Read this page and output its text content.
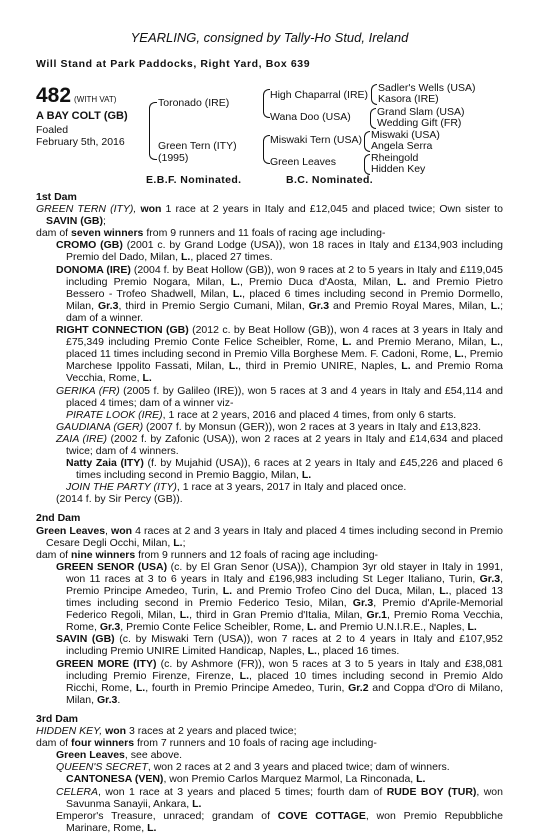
YEARLING, consigned by Tally-Ho Stud, Ireland
Will Stand at Park Paddocks, Right Yard, Box 639
482 (WITH VAT)
A BAY COLT (GB)
Foaled
February 5th, 2016
Toronado (IRE)
Green Tern (ITY)
(1995)
High Chaparral (IRE)
Wana Doo (USA)
Miswaki Tern (USA)
Green Leaves
Sadler's Wells (USA)
Kasora (IRE)
Grand Slam (USA)
Wedding Gift (FR)
Miswaki (USA)
Angela Serra
Rheingold
Hidden Key
E.B.F. Nominated.	B.C. Nominated.
1st Dam

GREEN TERN (ITY), won 1 race at 2 years in Italy and £12,045 and placed twice; Own sister to SAVIN (GB);

dam of seven winners from 9 runners and 11 foals of racing age including-

CROMO (GB) (2001 c. by Grand Lodge (USA)), won 18 races in Italy and £134,903 including Premio del Dado, Milan, L., placed 27 times.

DONOMA (IRE) (2004 f. by Beat Hollow (GB)), won 9 races at 2 to 5 years in Italy and £119,045 including Premio Nogara, Milan, L., Premio Duca d'Aosta, Milan, L. and Premio Pietro Bessero - Trofeo Shadwell, Milan, L., placed 6 times including second in Premio Dormello, Milan, Gr.3, third in Premio Sergio Cumani, Milan, Gr.3 and Premio Royal Mares, Milan, L.; dam of a winner.

RIGHT CONNECTION (GB) (2012 c. by Beat Hollow (GB)), won 4 races at 3 years in Italy and £75,349 including Premio Conte Felice Scheibler, Rome, L. and Premio Merano, Milan, L., placed 11 times including second in Premio Villa Borghese Mem. F. Cadoni, Rome, L., Premio Marchese Ippolito Fassati, Milan, L., third in Premio UNIRE, Naples, L. and Premio Roma Vecchia, Rome, L.

GERIKA (FR) (2005 f. by Galileo (IRE)), won 5 races at 3 and 4 years in Italy and £54,114 and placed 4 times; dam of a winner viz-

PIRATE LOOK (IRE), 1 race at 2 years, 2016 and placed 4 times, from only 6 starts.

GAUDIANA (GER) (2007 f. by Monsun (GER)), won 2 races at 3 years in Italy and £13,823.

ZAIA (IRE) (2002 f. by Zafonic (USA)), won 2 races at 2 years in Italy and £14,634 and placed twice; dam of 4 winners.

Natty Zaia (ITY) (f. by Mujahid (USA)), 6 races at 2 years in Italy and £45,226 and placed 6 times including second in Premio Baggio, Milan, L.

JOIN THE PARTY (ITY), 1 race at 3 years, 2017 in Italy and placed once.

(2014 f. by Sir Percy (GB)).

2nd Dam

Green Leaves, won 4 races at 2 and 3 years in Italy and placed 4 times including second in Premio Cesare Degli Occhi, Milan, L.;

dam of nine winners from 9 runners and 12 foals of racing age including-

GREEN SENOR (USA) (c. by El Gran Senor (USA)), Champion 3yr old stayer in Italy in 1991, won 11 races at 3 to 6 years in Italy and £196,983 including St Leger Italiano, Turin, Gr.3, Premio Principe Amedeo, Turin, L. and Premio Trofeo Cino del Duca, Milan, L., placed 13 times including second in Premio Federico Tesio, Milan, Gr.3, Premio d'Aprile-Memorial Federico Regoli, Milan, L., third in Gran Premio d'Italia, Milan, Gr.1, Premio Roma Vecchia, Rome, Gr.3, Premio Conte Felice Scheibler, Rome, L. and Premio U.N.I.R.E., Naples, L.

SAVIN (GB) (c. by Miswaki Tern (USA)), won 7 races at 2 to 4 years in Italy and £107,952 including Premio UNIRE Limited Handicap, Naples, L., placed 16 times.

GREEN MORE (ITY) (c. by Ashmore (FR)), won 5 races at 3 to 5 years in Italy and £38,081 including Premio Firenze, Firenze, L., placed 10 times including second in Premio Aldo Ricchi, Rome, L., fourth in Premio Principe Amedeo, Turin, Gr.2 and Coppa d'Oro di Milano, Milan, Gr.3.

3rd Dam

HIDDEN KEY, won 3 races at 2 years and placed twice;

dam of four winners from 7 runners and 10 foals of racing age including-

Green Leaves, see above.

QUEEN'S SECRET, won 2 races at 2 and 3 years and placed twice; dam of winners.

CANTONESA (VEN), won Premio Carlos Marquez Marmol, La Rinconada, L.

CELERA, won 1 race at 3 years and placed 5 times; fourth dam of RUDE BOY (TUR), won Savunma Sanayii, Ankara, L.

Emperor's Treasure, unraced; grandam of COVE COTTAGE, won Premio Repubbliche Marinare, Rome, L.
